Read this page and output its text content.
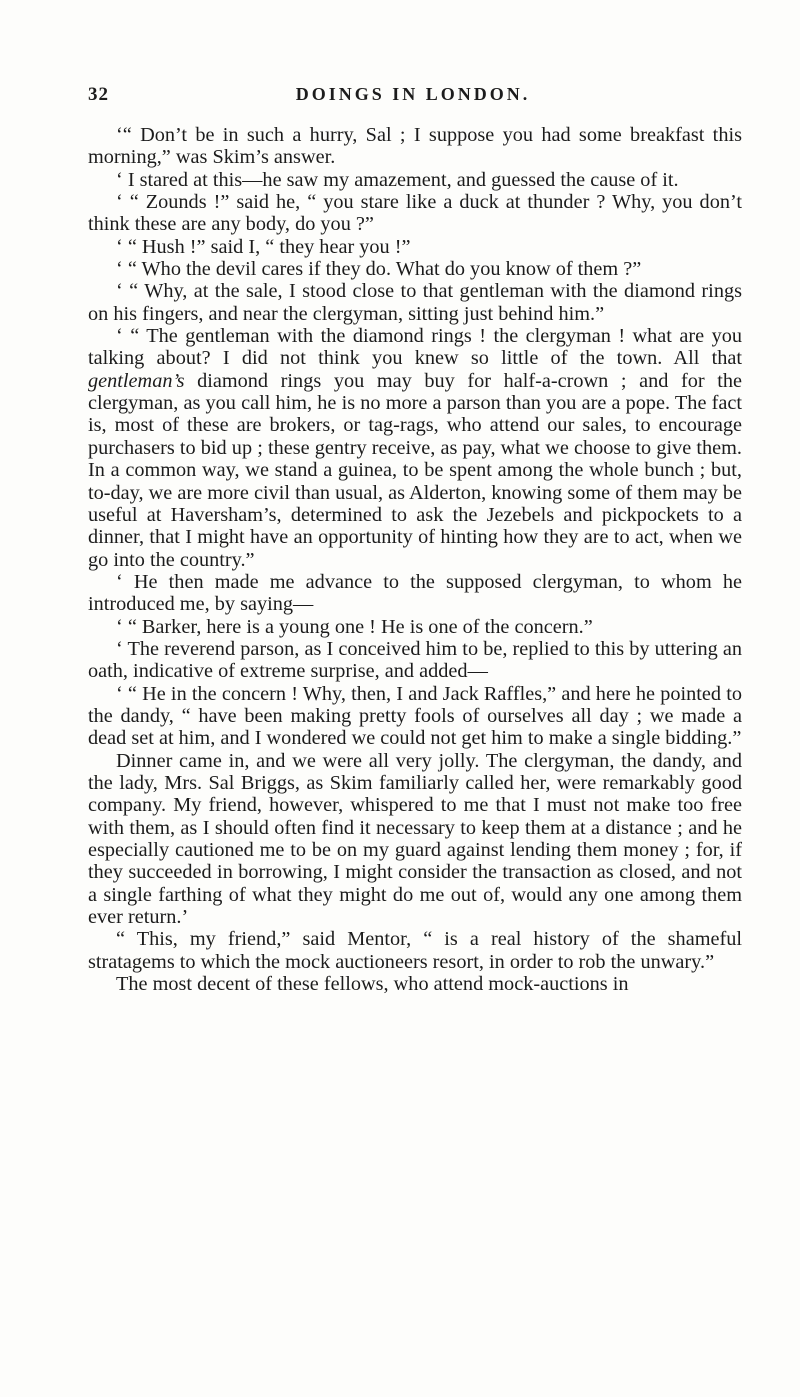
32	DOINGS IN LONDON.

‘“ Don’t be in such a hurry, Sal ; I suppose you had some breakfast this morning,” was Skim’s answer.

‘ I stared at this—he saw my amazement, and guessed the cause of it.

‘ “ Zounds !” said he, “ you stare like a duck at thunder ? Why, you don’t think these are any body, do you ?”

‘ “ Hush !” said I, “ they hear you !”

‘ “ Who the devil cares if they do. What do you know of them ?”

‘ “ Why, at the sale, I stood close to that gentleman with the diamond rings on his fingers, and near the clergyman, sitting just behind him.”

‘ “ The gentleman with the diamond rings ! the clergyman ! what are you talking about? I did not think you knew so little of the town. All that gentleman’s diamond rings you may buy for half-a-crown ; and for the clergyman, as you call him, he is no more a parson than you are a pope. The fact is, most of these are brokers, or tag-rags, who attend our sales, to encourage purchasers to bid up ; these gentry receive, as pay, what we choose to give them. In a common way, we stand a guinea, to be spent among the whole bunch ; but, to-day, we are more civil than usual, as Alderton, knowing some of them may be useful at Haversham’s, determined to ask the Jezebels and pickpockets to a dinner, that I might have an opportunity of hinting how they are to act, when we go into the country.”

‘ He then made me advance to the supposed clergyman, to whom he introduced me, by saying—

‘ “ Barker, here is a young one ! He is one of the concern.”

‘ The reverend parson, as I conceived him to be, replied to this by uttering an oath, indicative of extreme surprise, and added—

‘ “ He in the concern ! Why, then, I and Jack Raffles,” and here he pointed to the dandy, “ have been making pretty fools of ourselves all day ; we made a dead set at him, and I wondered we could not get him to make a single bidding.”

Dinner came in, and we were all very jolly. The clergyman, the dandy, and the lady, Mrs. Sal Briggs, as Skim familiarly called her, were remarkably good company. My friend, however, whispered to me that I must not make too free with them, as I should often find it necessary to keep them at a distance ; and he especially cautioned me to be on my guard against lending them money ; for, if they succeeded in borrowing, I might consider the transaction as closed, and not a single farthing of what they might do me out of, would any one among them ever return.’

“ This, my friend,” said Mentor, “ is a real history of the shameful stratagems to which the mock auctioneers resort, in order to rob the unwary.”

The most decent of these fellows, who attend mock-auctions in
